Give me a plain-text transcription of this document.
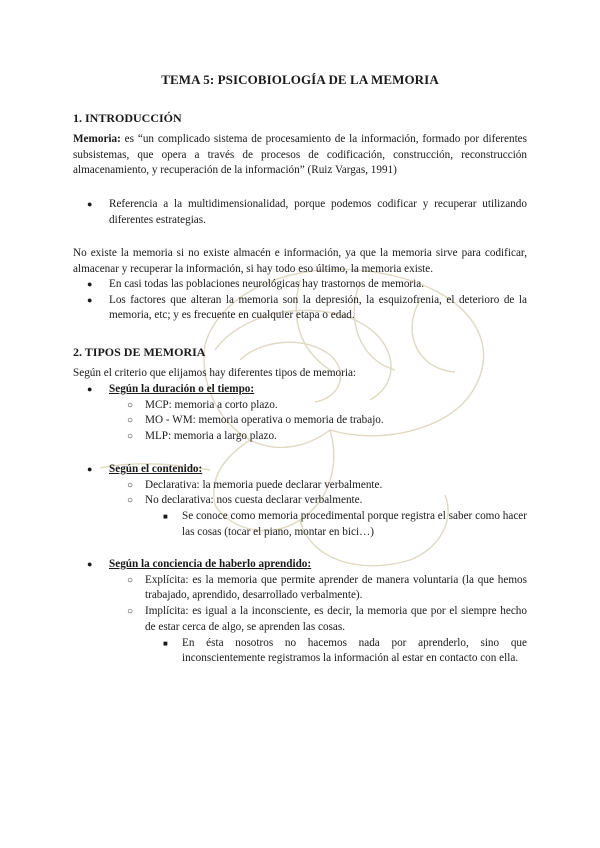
TEMA 5: PSICOBIOLOGÍA DE LA MEMORIA
1. INTRODUCCIÓN
Memoria: es “un complicado sistema de procesamiento de la información, formado por diferentes subsistemas, que opera a través de procesos de codificación, construcción, reconstrucción almacenamiento, y recuperación de la información” (Ruiz Vargas, 1991)
● Referencia a la multidimensionalidad, porque podemos codificar y recuperar utilizando diferentes estrategias.
No existe la memoria si no existe almacén e información, ya que la memoria sirve para codificar, almacenar y recuperar la información, si hay todo eso último, la memoria existe.
● En casi todas las poblaciones neurológicas hay trastornos de memoria.
● Los factores que alteran la memoria son la depresión, la esquizofrenia, el deterioro de la memoria, etc; y es frecuente en cualquier etapa o edad.
2. TIPOS DE MEMORIA
Según el criterio que elijamos hay diferentes tipos de memoria:
● Según la duración o el tiempo:
○ MCP: memoria a corto plazo.
○ MO - WM: memoria operativa o memoria de trabajo.
○ MLP: memoria a largo plazo.
● Según el contenido:
○ Declarativa: la memoria puede declarar verbalmente.
○ No declarativa: nos cuesta declarar verbalmente.
■ Se conoce como memoria procedimental porque registra el saber como hacer las cosas (tocar el piano, montar en bici…)
● Según la conciencia de haberlo aprendido:
○ Explícita: es la memoria que permite aprender de manera voluntaria (la que hemos trabajado, aprendido, desarrollado verbalmente).
○ Implícita: es igual a la inconsciente, es decir, la memoria que por el siempre hecho de estar cerca de algo, se aprenden las cosas.
■ En ésta nosotros no hacemos nada por aprenderlo, sino que inconscientemente registramos la información al estar en contacto con ella.
